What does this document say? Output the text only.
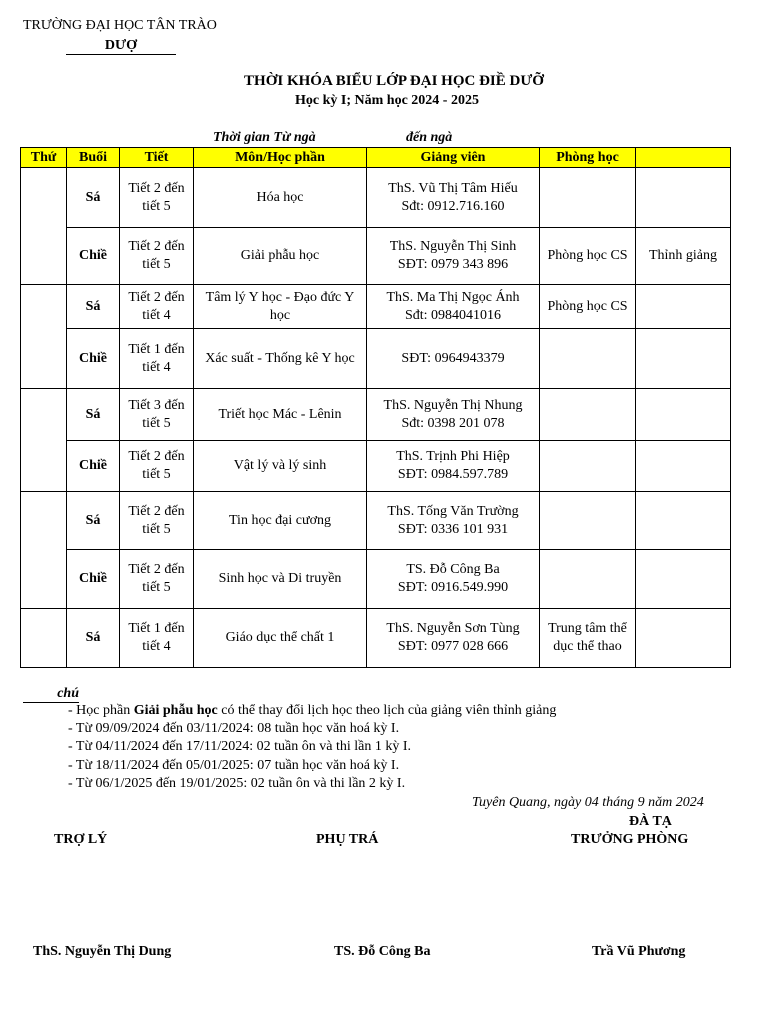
TRƯỜNG ĐẠI HỌC TÂN TRÀO
DƯỢ
THỜI KHÓA BIỂU LỚP ĐẠI HỌC ĐIỀ DƯỠ
Học kỳ I; Năm học 2024 - 2025
Thời gian Từ ngà	đến ngà
Thứ	Buổi	Tiết	Môn/Học phần	Giảng viên	Phòng học	
	Sá	Tiết 2 đến tiết 5	Hóa học	ThS. Vũ Thị Tâm Hiếu
Sđt: 0912.716.160		

	Chiề	Tiết 2 đến tiết 5	Giải phẫu học	ThS. Nguyễn Thị Sinh
SĐT: 0979 343 896	Phòng học CS	Thỉnh giảng
	Sá	Tiết 2 đến tiết 4	Tâm lý Y học - Đạo đức Y học	ThS. Ma Thị Ngọc Ánh
Sđt: 0984041016	Phòng học CS	
	Chiề	Tiết 1 đến tiết 4	Xác suất - Thống kê Y học	SĐT: 0964943379		

	Sá	Tiết 3 đến tiết 5	Triết học Mác - Lênin	ThS. Nguyễn Thị Nhung
Sđt: 0398 201 078		

	Chiề	Tiết 2 đến tiết 5	Vật lý và lý sinh	ThS. Trịnh Phi Hiệp
SĐT: 0984.597.789		

	Sá	Tiết 2 đến tiết 5	Tin học đại cương	ThS. Tống Văn Trường
SĐT: 0336 101 931		

	Chiề	Tiết 2 đến tiết 5	Sinh học và Di truyền	TS. Đỗ Công Ba
SĐT: 0916.549.990		

	Sá	Tiết 1 đến tiết 4	Giáo dục thể chất 1	ThS. Nguyễn Sơn Tùng
SĐT: 0977 028 666	Trung tâm thể dục thể thao	
chú
- Học phần Giải phẫu học có thể thay đổi lịch học theo lịch của giảng viên thỉnh giảng
- Từ 09/09/2024 đến 03/11/2024: 08 tuần học văn hoá kỳ I.
- Từ 04/11/2024 đến 17/11/2024: 02 tuần ôn và thi lần 1 kỳ I.
- Từ 18/11/2024 đến 05/01/2025: 07 tuần học văn hoá kỳ I.
- Từ 06/1/2025 đến 19/01/2025: 02 tuần ôn và thi lần 2 kỳ I.
Tuyên Quang, ngày 04 tháng 9 năm 2024
ĐÀ TẠ
TRỢ LÝ	PHỤ TRÁ	TRƯỞNG PHÒNG
ThS. Nguyễn Thị Dung	TS. Đỗ Công Ba	Trầ Vũ Phương
